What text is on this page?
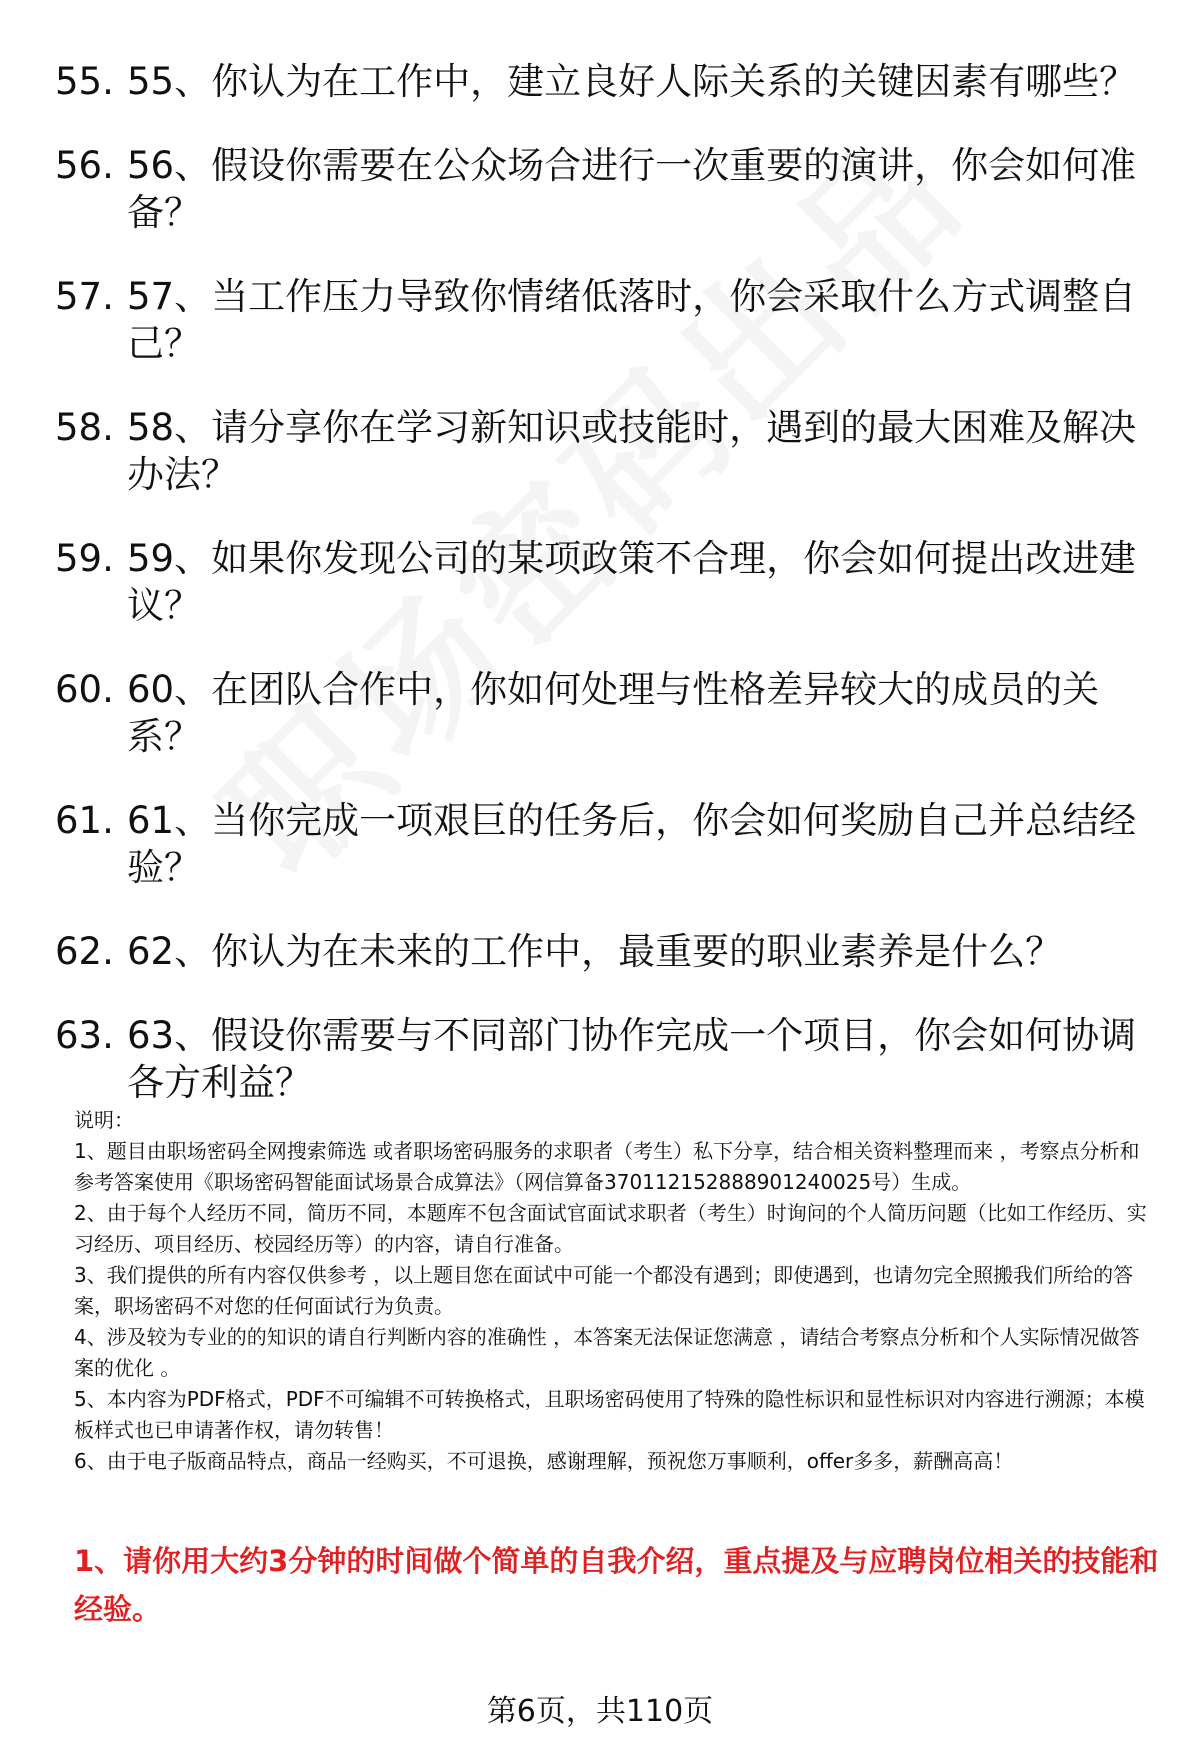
55. 55、你认为在工作中，建立良好人际关系的关键因素有哪些？
56. 56、假设你需要在公众场合进行一次重要的演讲，你会如何准备？
57. 57、当工作压力导致你情绪低落时，你会采取什么方式调整自己？
58. 58、请分享你在学习新知识或技能时，遇到的最大困难及解决办法？
59. 59、如果你发现公司的某项政策不合理，你会如何提出改进建议？
60. 60、在团队合作中，你如何处理与性格差异较大的成员的关系？
61. 61、当你完成一项艰巨的任务后，你会如何奖励自己并总结经验？
62. 62、你认为在未来的工作中，最重要的职业素养是什么？
63. 63、假设你需要与不同部门协作完成一个项目，你会如何协调各方利益？

说明：

1、题目由职场密码全网搜索筛选 或者职场密码服务的求职者（考生）私下分享，结合相关资料整理而来 ，考察点分析和参考答案使用《职场密码智能面试场景合成算法》（网信算备370112152888901240025号）生成。

2、由于每个人经历不同，简历不同，本题库不包含面试官面试求职者（考生）时询问的个人简历问题（比如工作经历、实习经历、项目经历、校园经历等）的内容，请自行准备。

3、我们提供的所有内容仅供参考 ，以上题目您在面试中可能一个都没有遇到；即使遇到，也请勿完全照搬我们所给的答案，职场密码不对您的任何面试行为负责。

4、涉及较为专业的的知识的请自行判断内容的准确性 ，本答案无法保证您满意 ，请结合考察点分析和个人实际情况做答案的优化 。

5、本内容为PDF格式，PDF不可编辑不可转换格式，且职场密码使用了特殊的隐性标识和显性标识对内容进行溯源；本模板样式也已申请著作权，请勿转售！

6、由于电子版商品特点，商品一经购买，不可退换，感谢理解，预祝您万事顺利，offer多多，薪酬高高！

1、请你用大约3分钟的时间做个简单的自我介绍，重点提及与应聘岗位相关的技能和经验。
第6页，共110页
